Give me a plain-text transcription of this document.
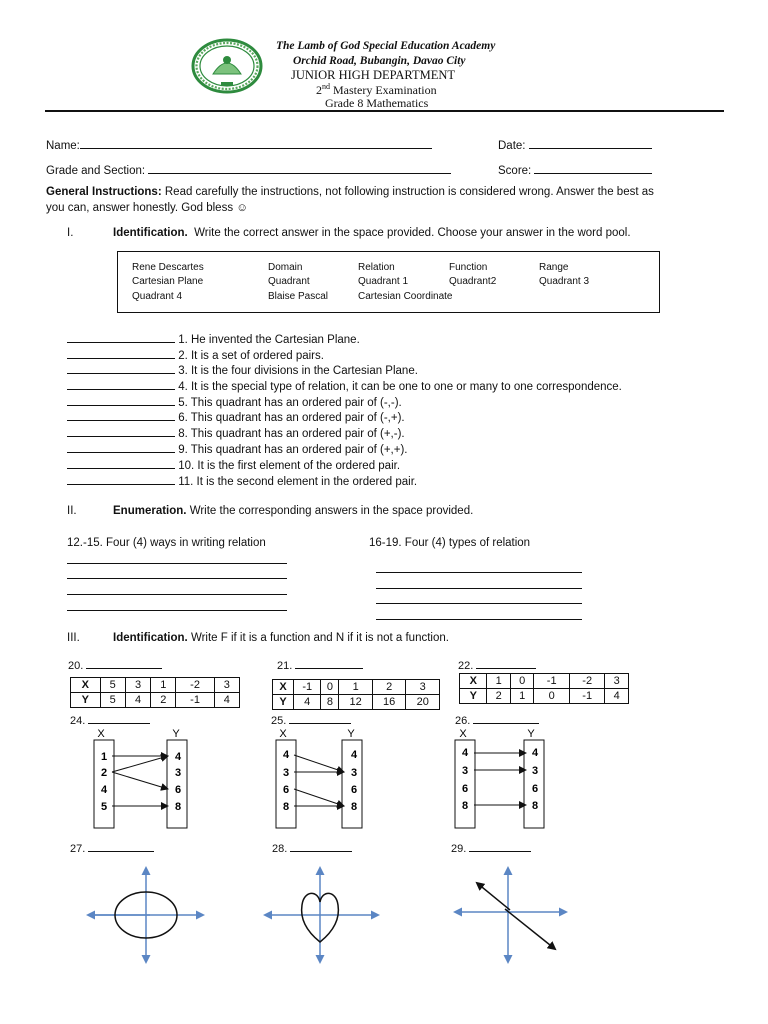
The Lamb of God Special Education Academy
Orchid Road, Bubangin, Davao City
JUNIOR HIGH DEPARTMENT
2nd Mastery Examination
Grade 8 Mathematics
Name:	Date:
Grade and Section:	Score:
General Instructions: Read carefully the instructions, not following instruction is considered wrong. Answer the best as
you can, answer honestly. God bless ☺
I.	Identification. Write the correct answer in the space provided. Choose your answer in the word pool.
Rene Descartes	Domain	Relation	Function	Range
Cartesian Plane	Quadrant	Quadrant 1	Quadrant2	Quadrant 3
Quadrant 4	Blaise Pascal	Cartesian Coordinate
1. He invented the Cartesian Plane.
2. It is a set of ordered pairs.
3. It is the four divisions in the Cartesian Plane.
4. It is the special type of relation, it can be one to one or many to one correspondence.
5. This quadrant has an ordered pair of (-,-).
6. This quadrant has an ordered pair of (-,+).
8. This quadrant has an ordered pair of (+,-).
9. This quadrant has an ordered pair of (+,+).
10. It is the first element of the ordered pair.
11. It is the second element in the ordered pair.
II.	Enumeration. Write the corresponding answers in the space provided.
12.-15. Four (4) ways in writing relation	16-19. Four (4) types of relation
III.	Identification. Write F if it is a function and N if it is not a function.
20.	21.	22.
24.	25.	26.
27.	28.	29.
X	5	3	1	-2	3
Y	5	4	2	-1	4
X	-1	0	1	2	3
Y	4	8	12	16	20
X	1	0	-1	-2	3
Y	2	1	0	-1	4
X	Y
1
2
4
5
4
3
6
8
X	Y
4
3
6
8
4
3
6
8
X	Y
4
3
6
8
4
3
6
8
